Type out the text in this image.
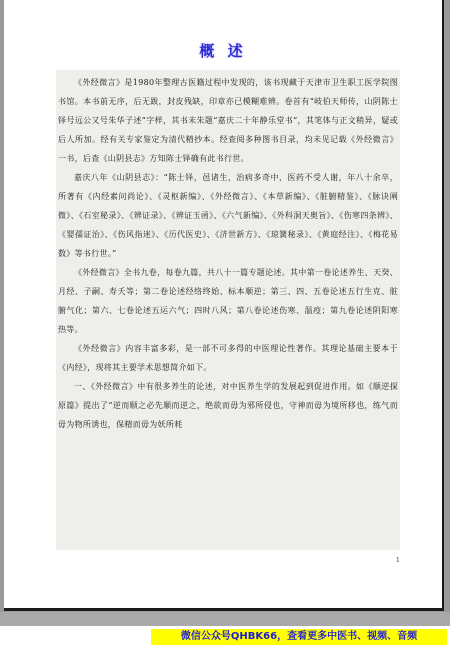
概 述

《外经微言》是1980年整理古医籍过程中发现的，该书现藏于天津市卫生职工医学院图书馆。本书前无序，后无跋，封皮残缺，印章亦已模糊难辨。卷首有“岐伯天师传，山阴陈士铎号远公又号朱华子述”字样，其书末朱题“嘉庆二十年静乐堂书”，其笔体与正文稍异，疑或后人所加。经有关专家鉴定为清代精抄本。经查阅多种图书目录，均未见记载《外经微言》一书，后查《山阴县志》方知陈士铎确有此书行世。

嘉庆八年《山阴县志》：“陈士铎，邑诸生，治病多奇中，医药不受人谢，年八十余卒，所著有《内经素问尚论》、《灵枢新编》、《外经微言》、《本草新编》、《脏腑精鉴》、《脉诀阐微》、《石室秘录》、《辨证录》、《辨证玉函》、《六气新编》、《外科洞天奥旨》、《伤寒四条辨》、《婴孺证治》、《伤风指迷》、《历代医史》、《济世新方》、《琼簧秘录》、《黄庭经注》、《梅花易数》等书行世。”

《外经微言》全书九卷，每卷九篇，共八十一篇专题论述。其中第一卷论述养生、天癸、月经、子嗣、寿夭等；第二卷论述经络终始、标本顺逆；第三、四、五卷论述五行生克、脏腑气化；第六、七卷论述五运六气；四时八风；第八卷论述伤寒、温疫；第九卷论述阴阳寒热等。

《外经微言》内容丰富多彩，是一部不可多得的中医理论性著作。其理论基础主要本于《内经》，现将其主要学术思想简介如下。

一、《外经微言》中有很多养生的论述，对中医养生学的发展起到促进作用。如《顺逆探原篇》提出了“逆而顺之必先顺而逆之，绝欲而毋为邪所侵也，守神而毋为境所移也，练气而毋为物所诱也，保精而毋为妖所耗

1
微信公众号QHBK66，查看更多中医书、视频、音频
